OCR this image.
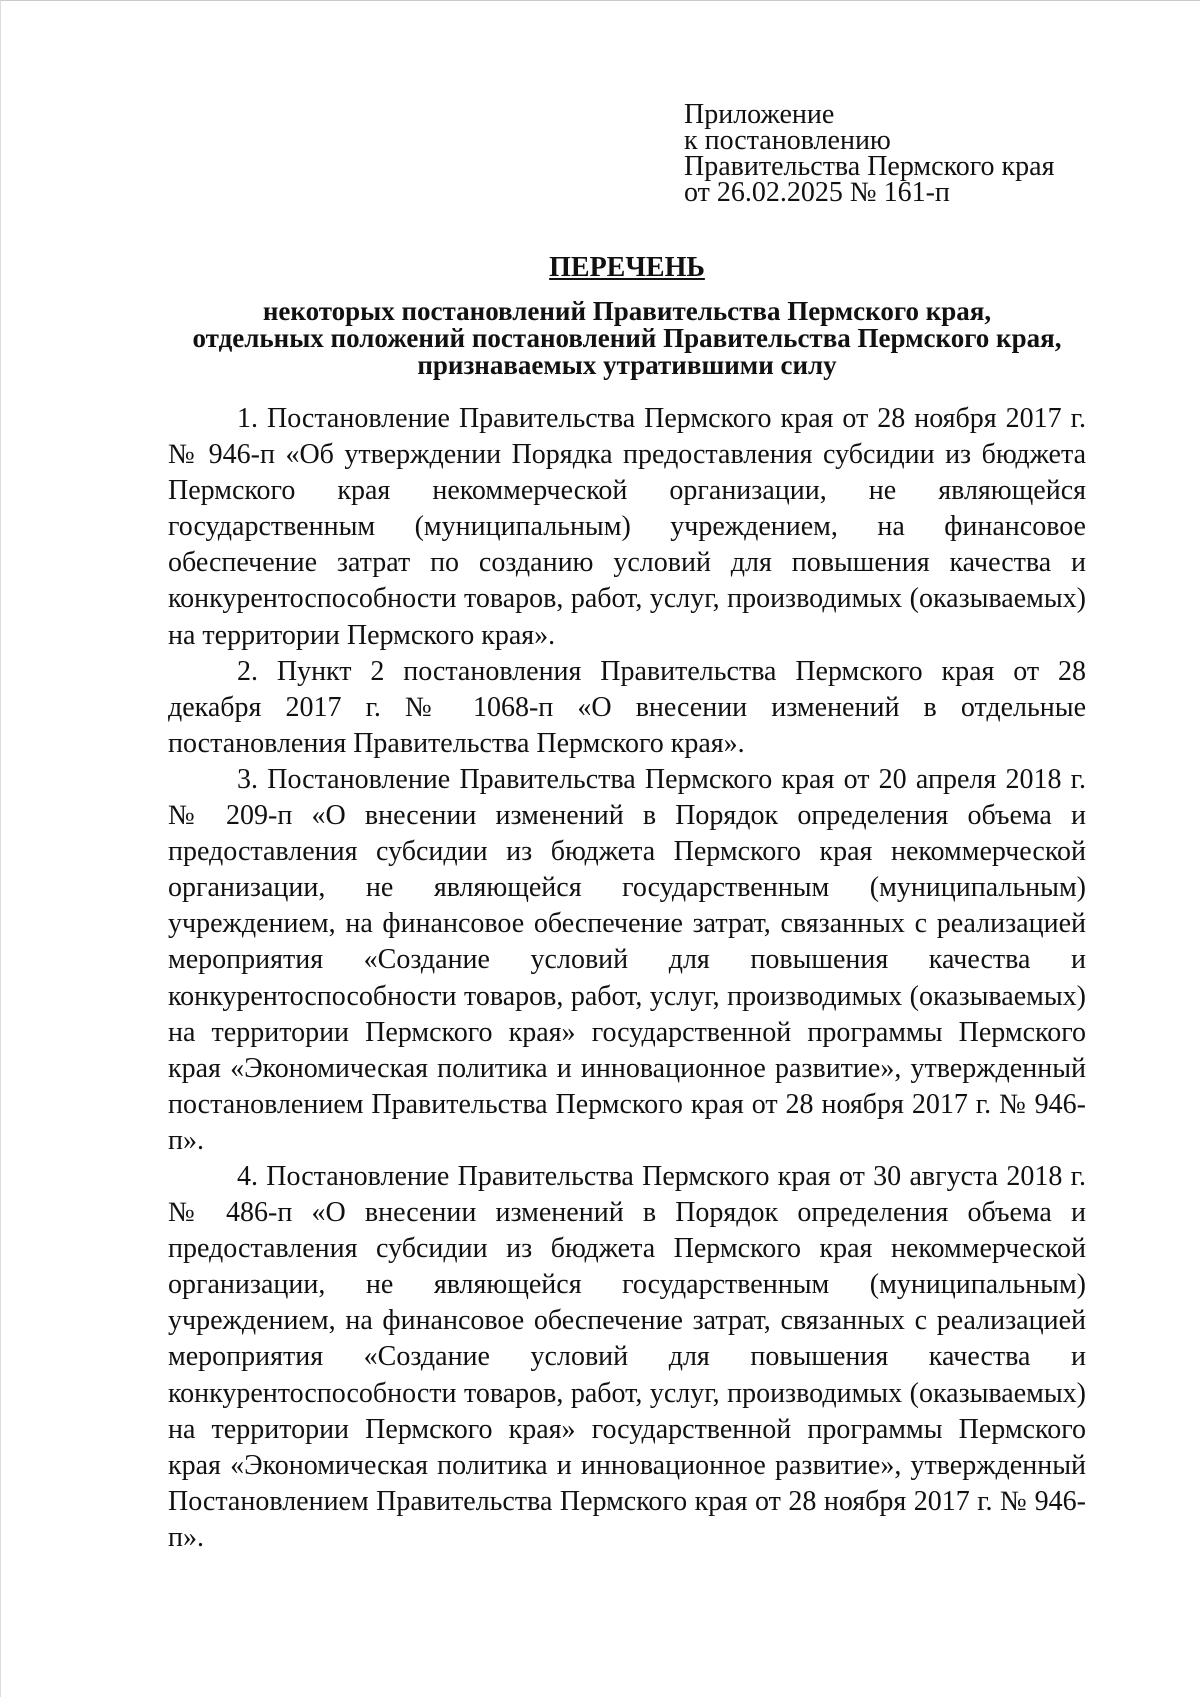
Приложение
к постановлению
Правительства Пермского края
от 26.02.2025 № 161-п
ПЕРЕЧЕНЬ
некоторых постановлений Правительства Пермского края,
отдельных положений постановлений Правительства Пермского края,
признаваемых утратившими силу

1. Постановление Правительства Пермского края от 28 ноября 2017 г. № 946-п «Об утверждении Порядка предоставления субсидии из бюджета Пермского края некоммерческой организации, не являющейся государственным (муниципальным) учреждением, на финансовое обеспечение затрат по созданию условий для повышения качества и конкурентоспособности товаров, работ, услуг, производимых (оказываемых) на территории Пермского края».

2. Пункт 2 постановления Правительства Пермского края от 28 декабря 2017 г. № 1068-п «О внесении изменений в отдельные постановления Правительства Пермского края».

3. Постановление Правительства Пермского края от 20 апреля 2018 г. № 209-п «О внесении изменений в Порядок определения объема и предоставления субсидии из бюджета Пермского края некоммерческой организации, не являющейся государственным (муниципальным) учреждением, на финансовое обеспечение затрат, связанных с реализацией мероприятия «Создание условий для повышения качества и конкурентоспособности товаров, работ, услуг, производимых (оказываемых) на территории Пермского края» государственной программы Пермского края «Экономическая политика и инновационное развитие», утвержденный постановлением Правительства Пермского края от 28 ноября 2017 г. № 946-п».

4. Постановление Правительства Пермского края от 30 августа 2018 г. № 486-п «О внесении изменений в Порядок определения объема и предоставления субсидии из бюджета Пермского края некоммерческой организации, не являющейся государственным (муниципальным) учреждением, на финансовое обеспечение затрат, связанных с реализацией мероприятия «Создание условий для повышения качества и конкурентоспособности товаров, работ, услуг, производимых (оказываемых) на территории Пермского края» государственной программы Пермского края «Экономическая политика и инновационное развитие», утвержденный Постановлением Правительства Пермского края от 28 ноября 2017 г. № 946-п».
